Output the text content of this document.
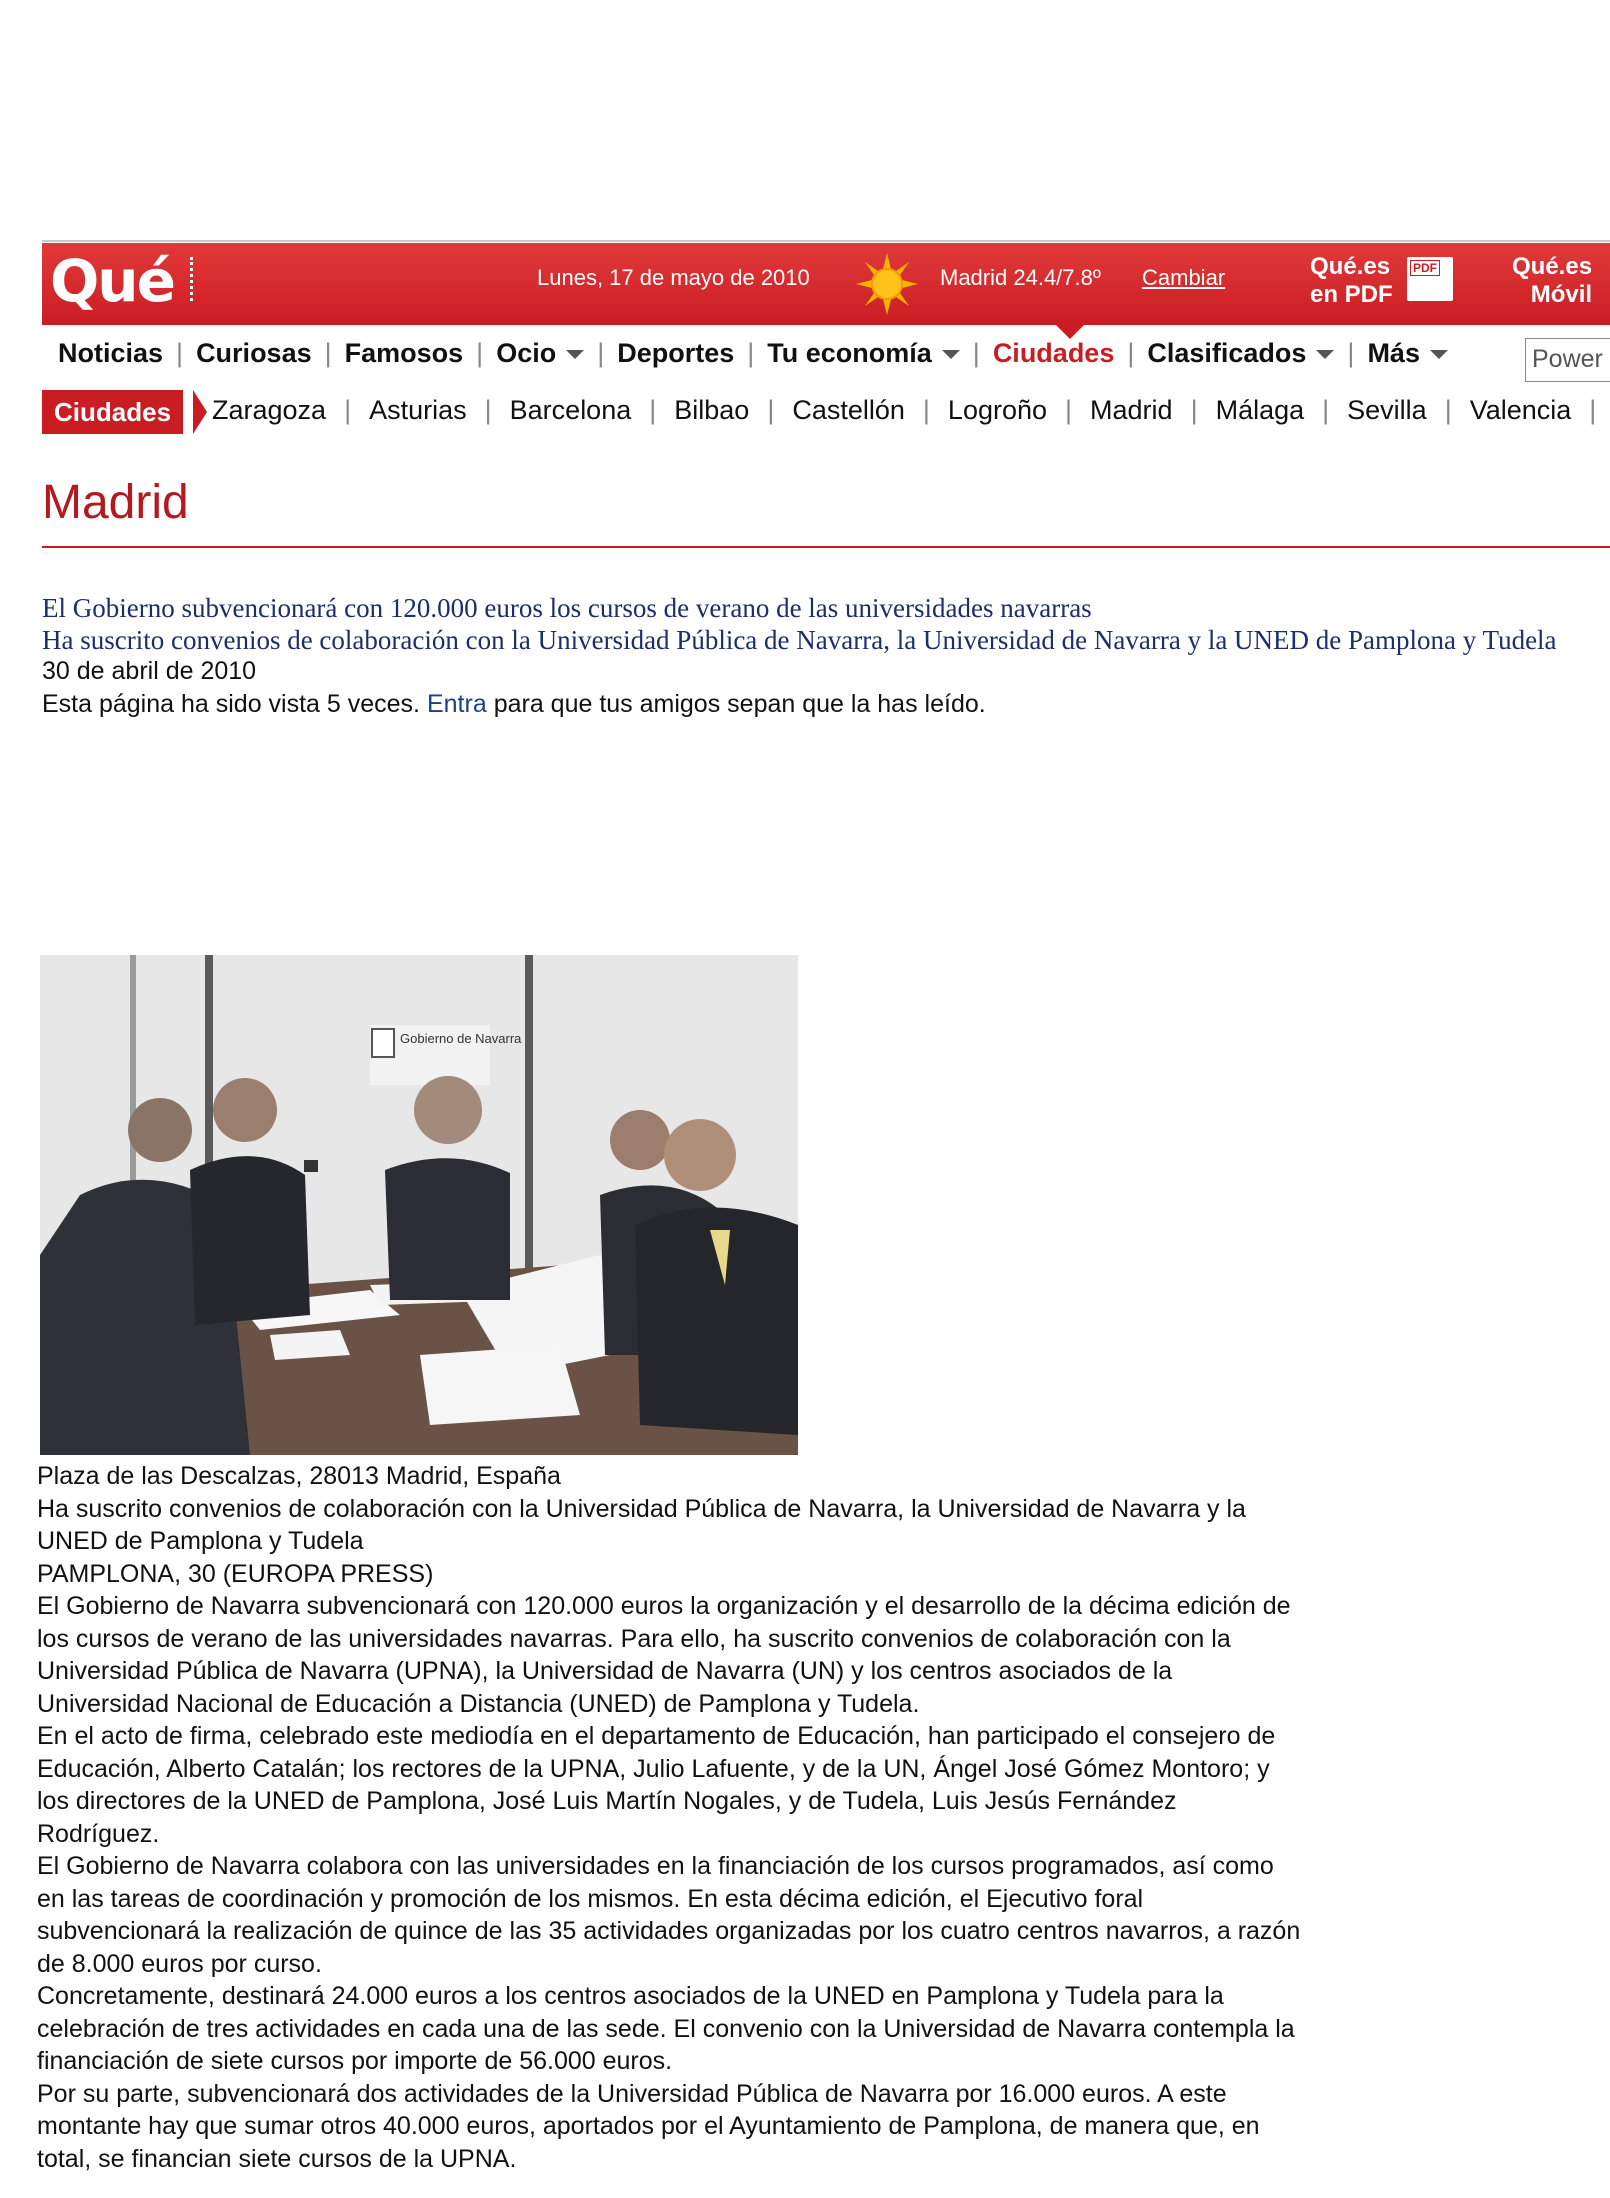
Qué	Lunes, 17 de mayo de 2010	Madrid 24.4/7.8º Cambiar	Qué.es
en PDF
PDF	Qué.es
Móvil
Noticias | Curiosas | Famosos | Ocio | Deportes | Tu economía | Ciudades | Clasificados | Más	Power
Ciudades	Zaragoza | Asturias | Barcelona | Bilbao | Castellón | Logroño | Madrid | Málaga | Sevilla | Valencia |
Madrid
El Gobierno subvencionará con 120.000 euros los cursos de verano de las universidades navarras
Ha suscrito convenios de colaboración con la Universidad Pública de Navarra, la Universidad de Navarra y la UNED de Pamplona y Tudela
30 de abril de 2010
Esta página ha sido vista 5 veces. Entra para que tus amigos sepan que la has leído.
Gobierno de Navarra

Plaza de las Descalzas, 28013 Madrid, España

Ha suscrito convenios de colaboración con la Universidad Pública de Navarra, la Universidad de Navarra y la
UNED de Pamplona y Tudela

PAMPLONA, 30 (EUROPA PRESS)

El Gobierno de Navarra subvencionará con 120.000 euros la organización y el desarrollo de la décima edición de
los cursos de verano de las universidades navarras. Para ello, ha suscrito convenios de colaboración con la
Universidad Pública de Navarra (UPNA), la Universidad de Navarra (UN) y los centros asociados de la
Universidad Nacional de Educación a Distancia (UNED) de Pamplona y Tudela.

En el acto de firma, celebrado este mediodía en el departamento de Educación, han participado el consejero de
Educación, Alberto Catalán; los rectores de la UPNA, Julio Lafuente, y de la UN, Ángel José Gómez Montoro; y
los directores de la UNED de Pamplona, José Luis Martín Nogales, y de Tudela, Luis Jesús Fernández
Rodríguez.

El Gobierno de Navarra colabora con las universidades en la financiación de los cursos programados, así como
en las tareas de coordinación y promoción de los mismos. En esta décima edición, el Ejecutivo foral
subvencionará la realización de quince de las 35 actividades organizadas por los cuatro centros navarros, a razón
de 8.000 euros por curso.

Concretamente, destinará 24.000 euros a los centros asociados de la UNED en Pamplona y Tudela para la
celebración de tres actividades en cada una de las sede. El convenio con la Universidad de Navarra contempla la
financiación de siete cursos por importe de 56.000 euros.

Por su parte, subvencionará dos actividades de la Universidad Pública de Navarra por 16.000 euros. A este
montante hay que sumar otros 40.000 euros, aportados por el Ayuntamiento de Pamplona, de manera que, en
total, se financian siete cursos de la UPNA.
